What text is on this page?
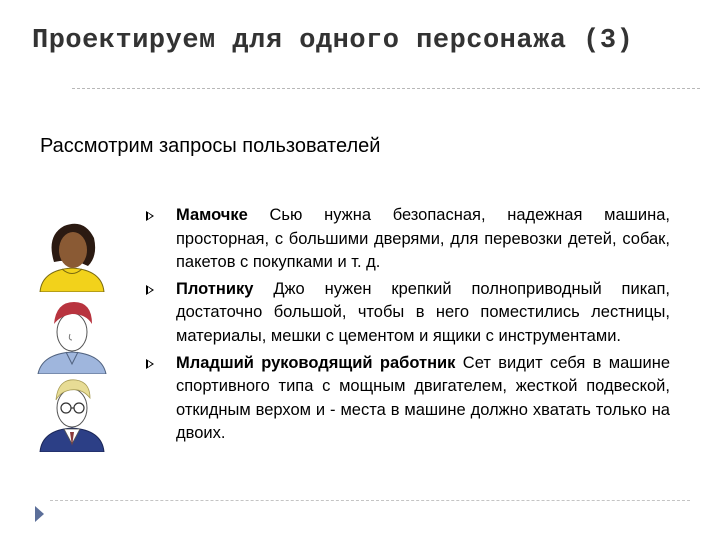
Проектируем для одного персонажа (3)
Рассмотрим запросы пользователей
Мамочке Сью нужна безопасная, надежная машина, просторная, с большими дверями, для перевозки детей, собак, пакетов с покупками и т. д.
Плотнику Джо нужен крепкий полноприводный пикап, достаточно большой, чтобы в него поместились лестницы, материалы, мешки с цементом и ящики с инструментами.
Младший руководящий работник Сет видит себя в машине спортивного типа с мощным двигателем, жесткой подвеской, откидным верхом и - места в машине должно хватать только на двоих.
